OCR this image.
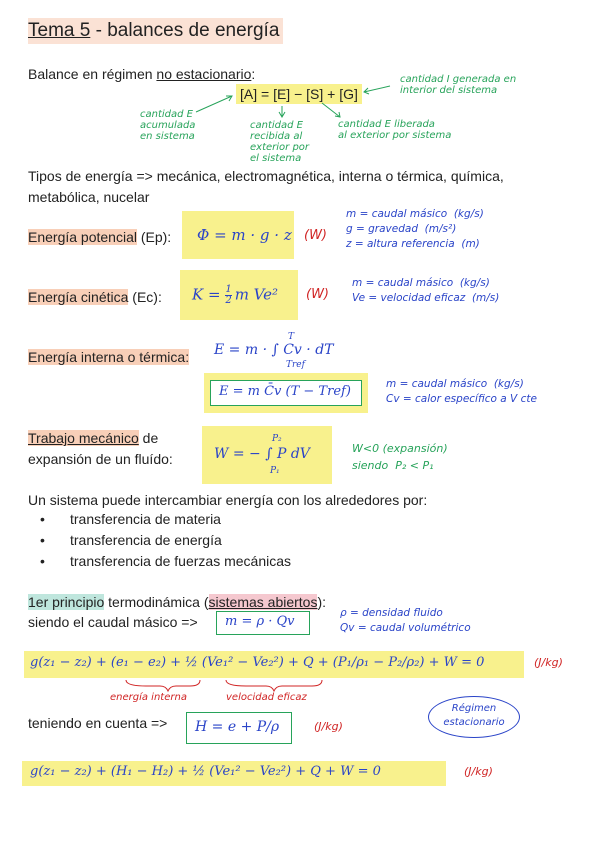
Tema 5 - balances de energía
Balance en régimen no estacionario:
[A] = [E] − [S] + [G]
cantidad I generada en
interior del sistema
cantidad E
acumulada
en sistema
cantidad E
recibida al
exterior por
el sistema
cantidad E liberada
al exterior por sistema
Tipos de energía => mecánica, electromagnética, interna o térmica, química,
metabólica, nucelar
Energía potencial (Ep): Φ = m · g · z (W)
m = caudal másico  (kg/s)
g = gravedad  (m/s²)
z = altura referencia  (m)
Energía cinética (Ec): $K = \frac{1}{2}$ m Ve² (W)
m = caudal másico  (kg/s)
Ve = velocidad eficaz  (m/s)
Energía interna o térmica: E = m · ∫ Cv · dT
T
Tref
E = m C̄v (T − Tref)	m = caudal másico  (kg/s)
Cv = calor específico a V cte
Trabajo mecánico de
expansión de un fluído:	W = − ∫ P dV
P₂
P₁
W<0 (expansión)
siendo  P₂ < P₁
Un sistema puede intercambiar energía con los alrededores por:
• transferencia de materia
• transferencia de energía
• transferencia de fuerzas mecánicas
1er principio termodinámica (sistemas abiertos):
siendo el caudal másico => m = ρ · Qv
ρ = densidad fluido
Qv = caudal volumétrico
g(z₁ − z₂) + (e₁ − e₂) + ½ (Ve₁² − Ve₂²) + Q + (P₁/ρ₁ − P₂/ρ₂) + W = 0	(J/kg)
energía interna	velocidad eficaz
teniendo en cuenta => H = e + P/ρ	(J/kg)
Régimen
estacionario
g(z₁ − z₂) + (H₁ − H₂) + ½ (Ve₁² − Ve₂²) + Q + W = 0	(J/kg)
